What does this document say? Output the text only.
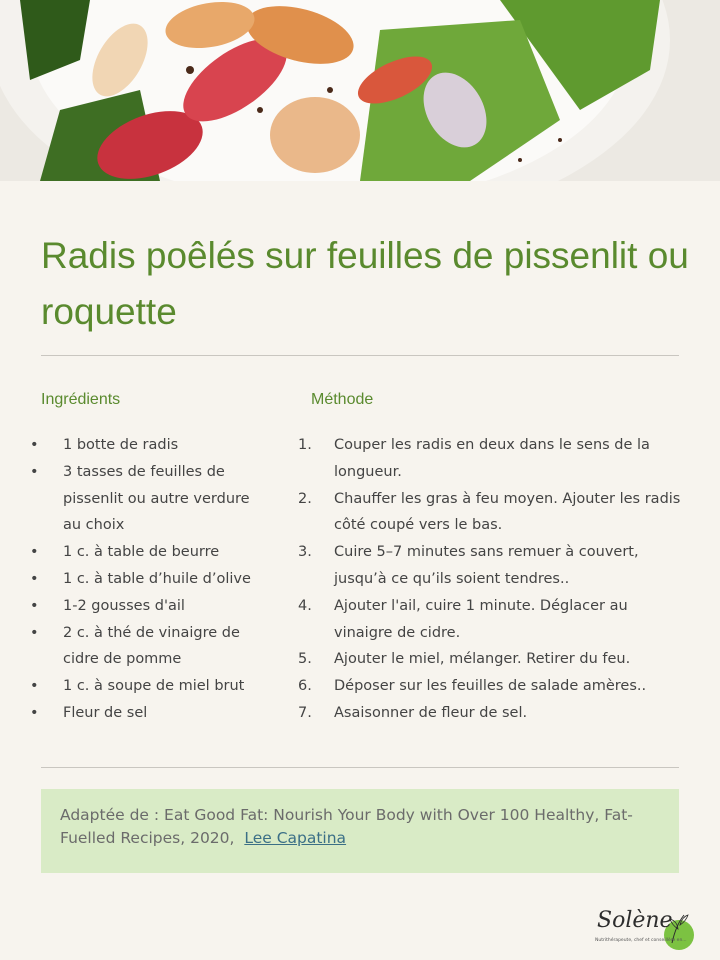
Radis poêlés sur feuilles de pissenlit ou roquette
Ingrédients	Méthode
• 1 botte de radis
• 3 tasses de feuilles de pissenlit ou autre verdure au choix
• 1 c. à table de beurre
• 1 c. à table d’huile d’olive
• 1-2 gousses d'ail
• 2 c. à thé de vinaigre de cidre de pomme
• 1 c. à soupe de miel brut
• Fleur de sel
1. Couper les radis en deux dans le sens de la longueur.
2. Chauffer les gras à feu moyen. Ajouter les radis côté coupé vers le bas.
3. Cuire 5–7 minutes sans remuer à couvert, jusqu’à ce qu’ils soient tendres..
4. Ajouter l'ail, cuire 1 minute. Déglacer au vinaigre de cidre.
5. Ajouter le miel, mélanger. Retirer du feu.
6. Déposer sur les feuilles de salade amères..
7. Asaisonner de fleur de sel.
Adaptée de : Eat Good Fat: Nourish Your Body with Over 100 Healthy, Fat-Fuelled Recipes, 2020, Lee Capatina
Solène
Nutrithérapeute, chef et conseillère en...
